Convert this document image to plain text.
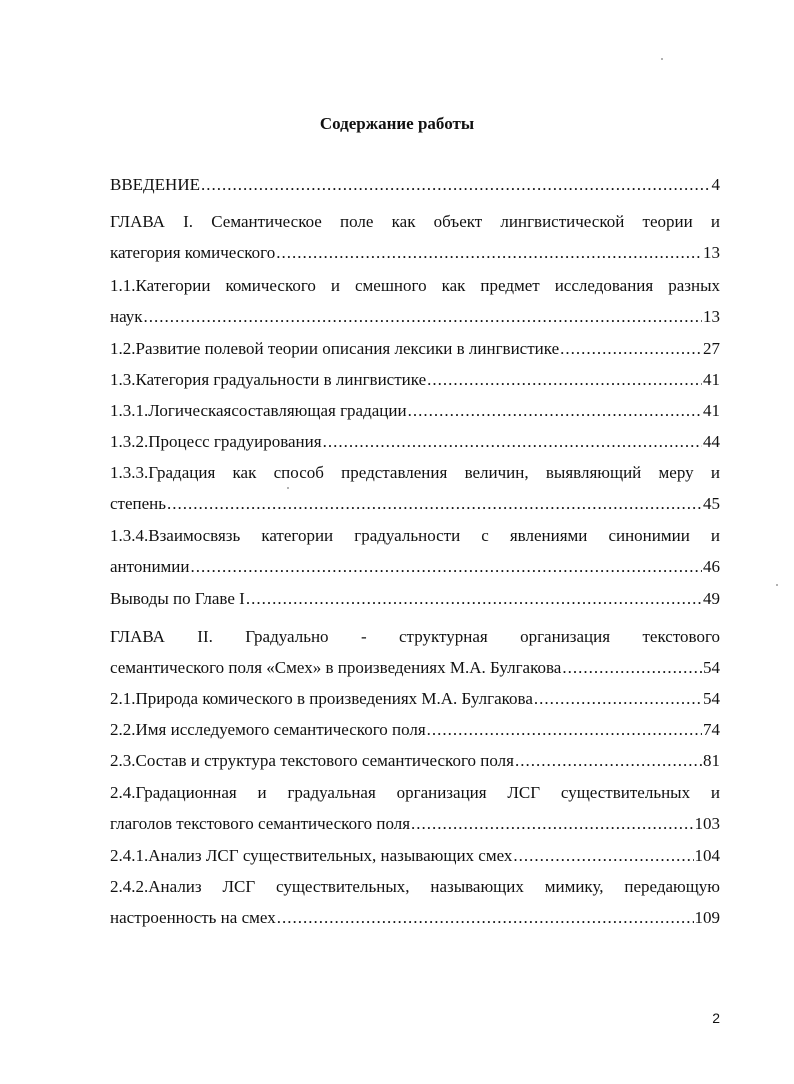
Содержание работы
ВВЕДЕНИЕ .....	4
ГЛАВА I. Семантическое поле как объект лингвистической теории и
категория комического .....	13
1.1.Категории комического и смешного как предмет исследования разных
наук .....	13
1.2.Развитие полевой теории описания лексики в лингвистике .....	27
1.3.Категория градуальности в лингвистике .....	41
1.3.1.Логическаясоставляющая градации .....	41
1.3.2.Процесс градуирования .....	44
1.3.3.Градация как способ представления величин, выявляющий меру и
степень .....	45
1.3.4.Взаимосвязь категории градуальности с явлениями синонимии и
антонимии .....	46
Выводы по Главе I .....	49
ГЛАВА II. Градуально - структурная организация текстового
семантического поля «Смех» в произведениях М.А. Булгакова .....	54
2.1.Природа комического в произведениях М.А. Булгакова .....	54
2.2.Имя исследуемого семантического поля .....	74
2.3.Состав и структура текстового семантического поля .....	81
2.4.Градационная и градуальная организация ЛСГ существительных и
глаголов текстового семантического поля .....	103
2.4.1.Анализ ЛСГ существительных, называющих смех .....	104
2.4.2.Анализ ЛСГ существительных, называющих мимику, передающую
настроенность на смех .....	109
2
